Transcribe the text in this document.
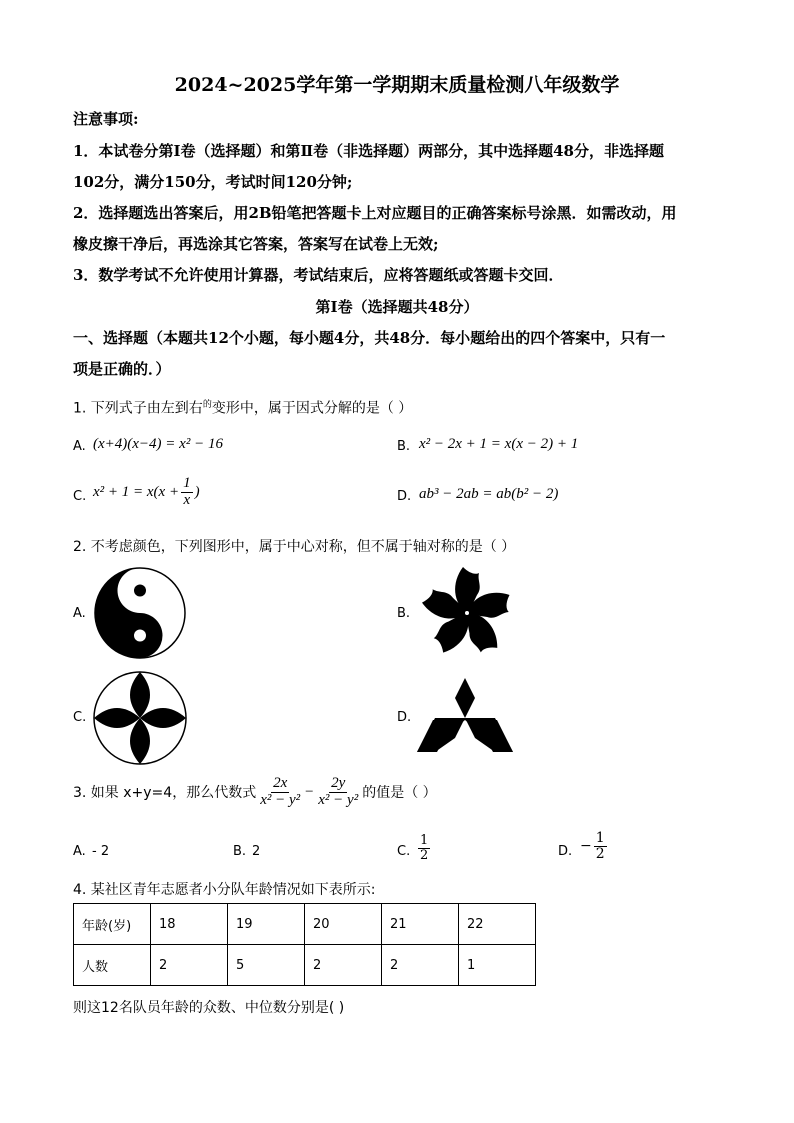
2024~2025学年第一学期期末质量检测八年级数学
注意事项:
1．本试卷分第Ⅰ卷（选择题）和第Ⅱ卷（非选择题）两部分，其中选择题48分，非选择题
102分，满分150分，考试时间120分钟;
2．选择题选出答案后，用2B铅笔把答题卡上对应题目的正确答案标号涂黑．如需改动，用
橡皮擦干净后，再选涂其它答案，答案写在试卷上无效;
3．数学考试不允许使用计算器，考试结束后，应将答题纸或答题卡交回．
第Ⅰ卷（选择题共48分）
一、选择题（本题共12个小题，每小题4分，共48分．每小题给出的四个答案中，只有一
项是正确的．）
1. 下列式子由左到右$^的$变形中，属于因式分解的是（ ）
A. (x+4)(x−4) = x² − 16	B. x² − 2x + 1 = x(x − 2) + 1
C. $x^2 + 1 = x(x + \frac{1}{x}$ )	D. ab³ − 2ab = ab(b² − 2)
2. 不考虑颜色，下列图形中，属于中心对称，但不属于轴对称的是（ ）
A.	B.
C.	D.
3. 如果 x+y=4，那么代数式 $\frac{2x}{\text{x² − y²}} - \frac{2y}{\text{x² − y²}}$ 的值是（ ）
A. - 2	B. 2	C. $\frac{1}{2}$	D. − $\frac{1}{2}$
4. 某社区青年志愿者小分队年龄情况如下表所示:
年龄(岁)	18	19	20	21	22
人数	2	5	2	2	1
则这12名队员年龄的众数、中位数分别是( )
